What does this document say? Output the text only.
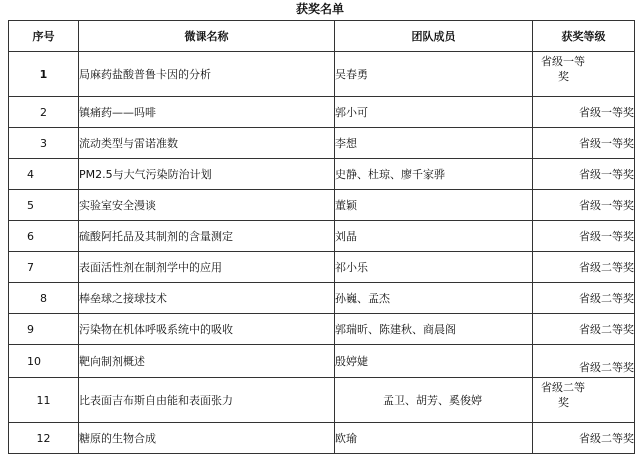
获奖名单
序号	微课名称	团队成员	获奖等级
1	局麻药盐酸普鲁卡因的分析	吴春勇	省级一等
奖

2	镇痛药——吗啡	郭小可	省级一等奖
3	流动类型与雷诺准数	李想	省级一等奖
4	PM2.5与大气污染防治计划	史静、杜琼、廖千家骅	省级一等奖
5	实验室安全漫谈	董颖	省级一等奖
6	硫酸阿托品及其制剂的含量测定	刘晶	省级一等奖
7	表面活性剂在制剂学中的应用	祁小乐	省级二等奖
8	棒垒球之接球技术	孙巍、孟杰	省级二等奖
9	污染物在机体呼吸系统中的吸收	郭瑞昕、陈建秋、商晨阁	省级二等奖
10	靶向制剂概述	殷婷婕	省级二等奖
11	比表面吉布斯自由能和表面张力	孟卫、胡芳、奚俊婷	省级二等
奖

12	糖原的生物合成	欧瑜	省级二等奖
